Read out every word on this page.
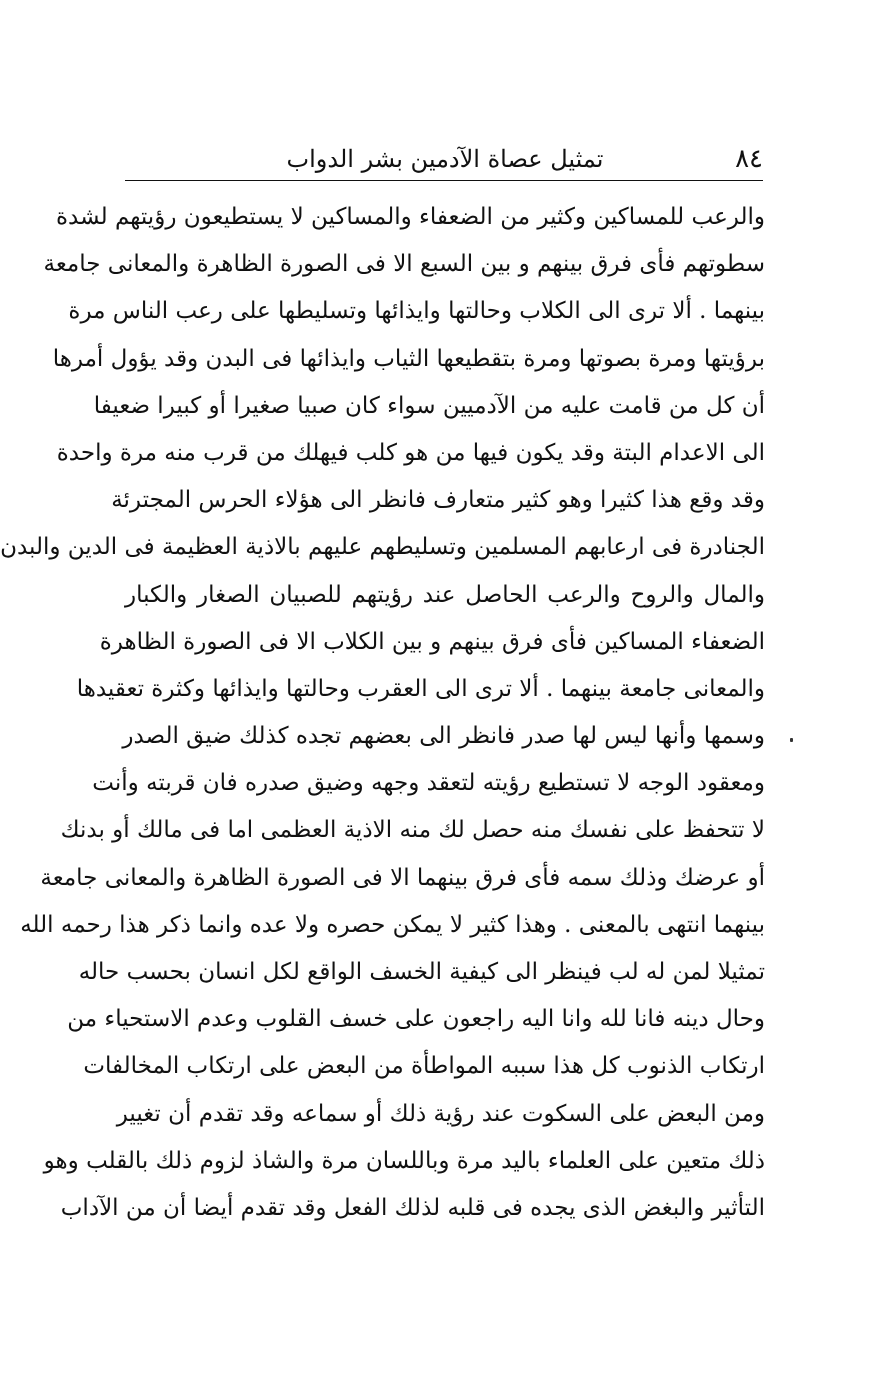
٨٤
تمثيل عصاة الآدمين بشر الدواب
والرعب للمساكين وكثير من الضعفاء والمساكين لا يستطيعون رؤيتهم لشدة
سطوتهم فأى فرق بينهم و بين السبع الا فى الصورة الظاهرة والمعانى جامعة
بينهما . ألا ترى الى الكلاب وحالتها وايذائها وتسليطها على رعب الناس مرة
برؤيتها ومرة بصوتها ومرة بتقطيعها الثياب وايذائها فى البدن وقد يؤول أمرها
أن كل من قامت عليه من الآدميين سواء كان صبيا صغيرا أو كبيرا ضعيفا
الى الاعدام البتة وقد يكون فيها من هو كلب فيهلك من قرب منه مرة واحدة
وقد وقع هذا كثيرا وهو كثير متعارف فانظر الى هؤلاء الحرس المجترئة
الجنادرة فى ارعابهم المسلمين وتسليطهم عليهم بالاذية العظيمة فى الدين والبدن
والمال والروح والرعب الحاصل عند رؤيتهم للصبيان الصغار والكبار
الضعفاء المساكين فأى فرق بينهم و بين الكلاب الا فى الصورة الظاهرة
والمعانى جامعة بينهما . ألا ترى الى العقرب وحالتها وايذائها وكثرة تعقيدها
وسمها وأنها ليس لها صدر فانظر الى بعضهم تجده كذلك ضيق الصدر
ومعقود الوجه لا تستطيع رؤيته لتعقد وجهه وضيق صدره فان قربته وأنت
لا تتحفظ على نفسك منه حصل لك منه الاذية العظمى اما فى مالك أو بدنك
أو عرضك وذلك سمه فأى فرق بينهما الا فى الصورة الظاهرة والمعانى جامعة
بينهما انتهى بالمعنى . وهذا كثير لا يمكن حصره ولا عده وانما ذكر هذا رحمه الله
تمثيلا لمن له لب فينظر الى كيفية الخسف الواقع لكل انسان بحسب حاله
وحال دينه فانا لله وانا اليه راجعون على خسف القلوب وعدم الاستحياء من
ارتكاب الذنوب كل هذا سببه المواطأة من البعض على ارتكاب المخالفات
ومن البعض على السكوت عند رؤية ذلك أو سماعه وقد تقدم أن تغيير
ذلك متعين على العلماء باليد مرة وباللسان مرة والشاذ لزوم ذلك بالقلب وهو
التأثير والبغض الذى يجده فى قلبه لذلك الفعل وقد تقدم أيضا أن من الآداب
